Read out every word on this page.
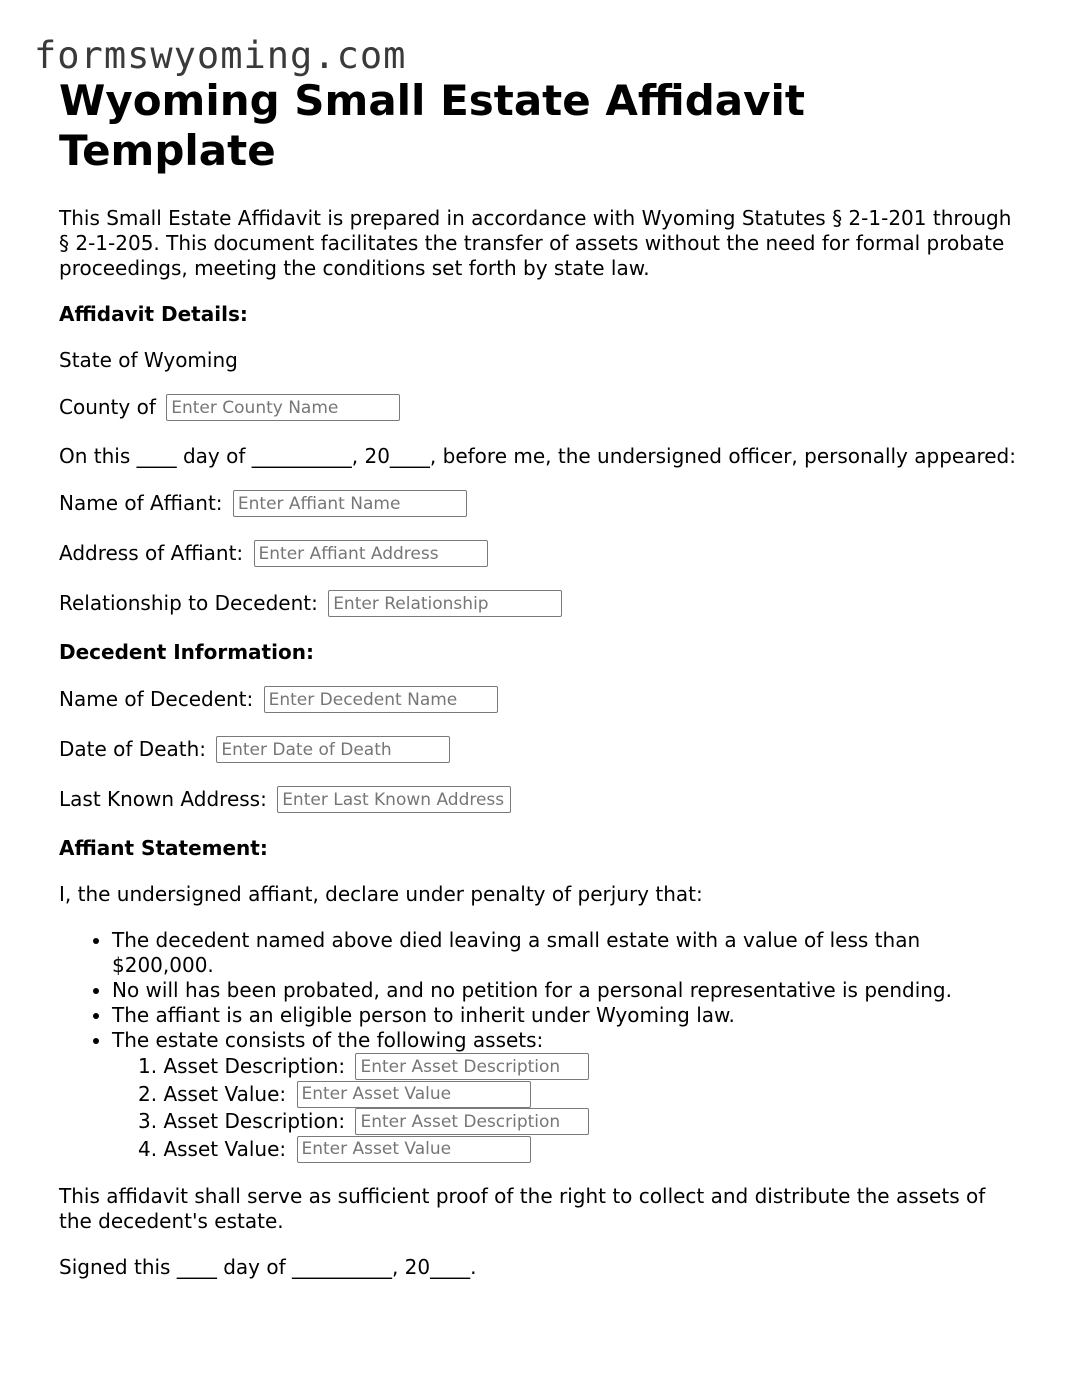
formswyoming.com
Wyoming Small Estate Affidavit Template

This Small Estate Affidavit is prepared in accordance with Wyoming Statutes § 2-1-201 through § 2-1-205. This document facilitates the transfer of assets without the need for formal probate proceedings, meeting the conditions set forth by state law.

Affidavit Details:

State of Wyoming

County of Enter County Name

On this ____ day of __________, 20____, before me, the undersigned officer, personally appeared:

Name of Affiant: Enter Affiant Name
Address of Affiant: Enter Affiant Address
Relationship to Decedent: Enter Relationship

Decedent Information:

Name of Decedent: Enter Decedent Name
Date of Death: Enter Date of Death
Last Known Address: Enter Last Known Address

Affiant Statement:

I, the undersigned affiant, declare under penalty of perjury that:

• The decedent named above died leaving a small estate with a value of less than $200,000.
• No will has been probated, and no petition for a personal representative is pending.
• The affiant is an eligible person to inherit under Wyoming law.
• The estate consists of the following assets:
1. Asset Description: Enter Asset Description
2. Asset Value: Enter Asset Value
3. Asset Description: Enter Asset Description
4. Asset Value: Enter Asset Value

This affidavit shall serve as sufficient proof of the right to collect and distribute the assets of the decedent's estate.

Signed this ____ day of __________, 20____.
